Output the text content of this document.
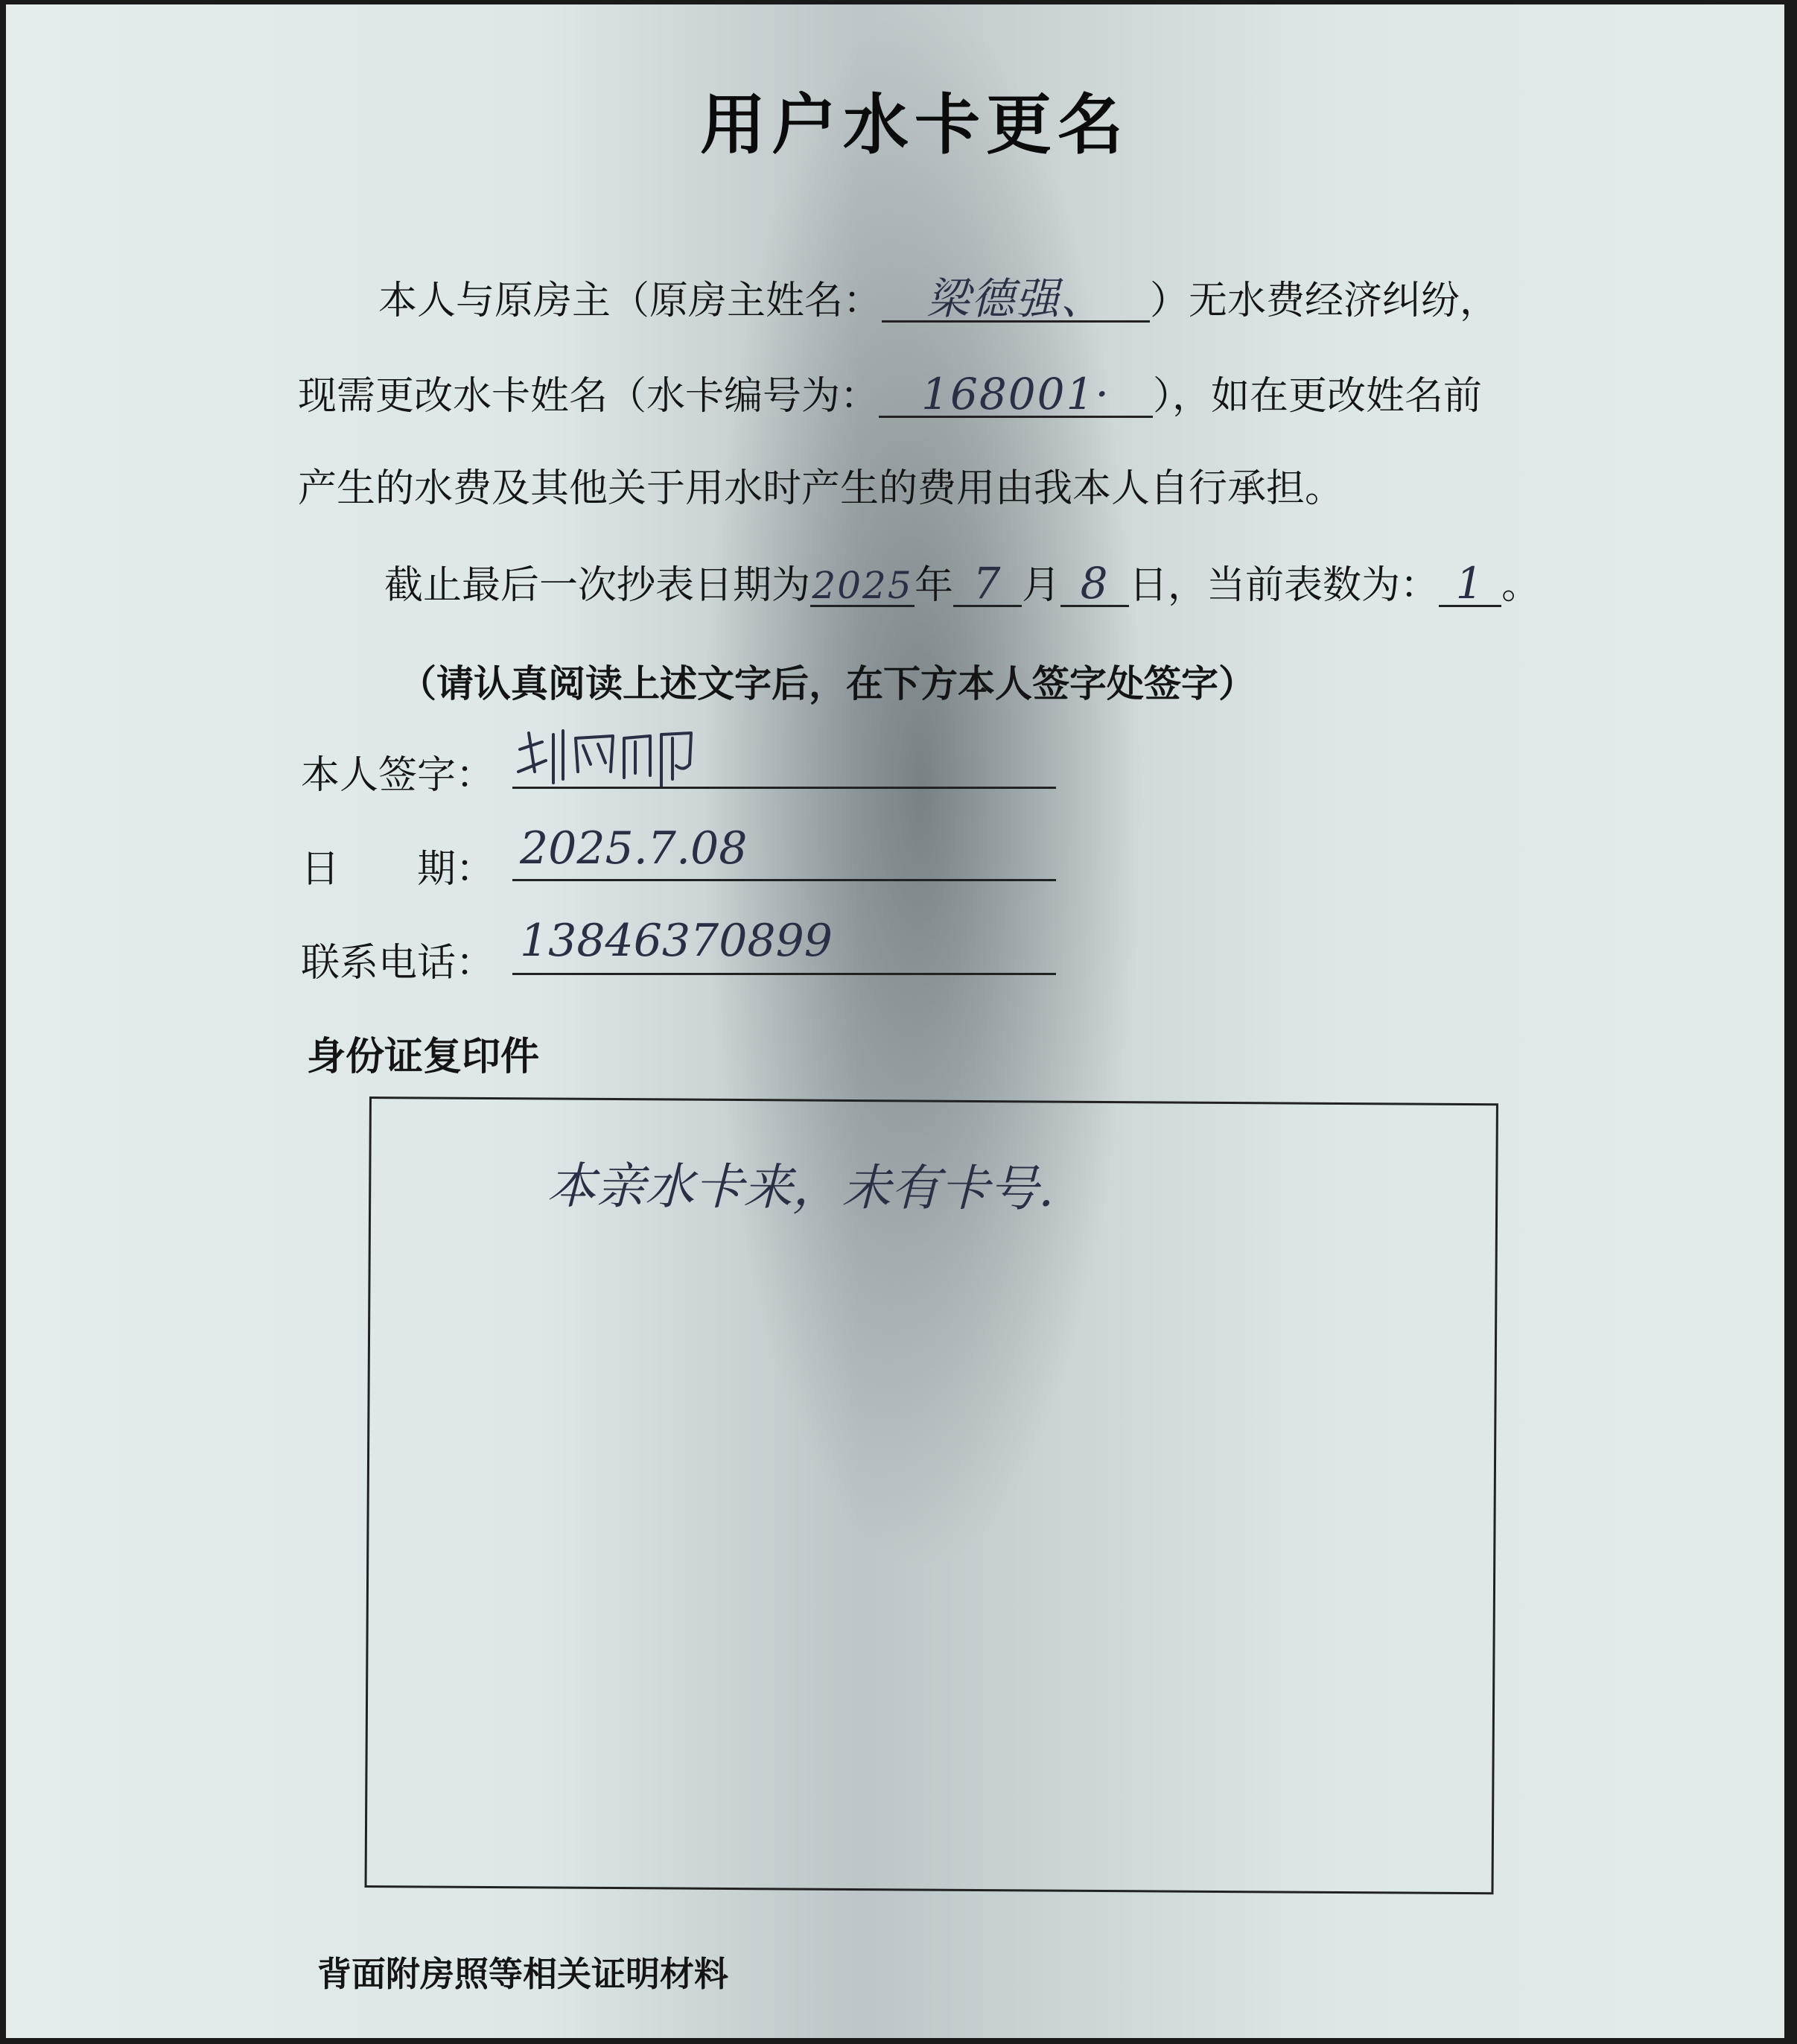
用户水卡更名
本人与原房主（原房主姓名： 梁德强、 ）无水费经济纠纷，
现需更改水卡姓名（水卡编号为： 168001· ），如在更改姓名前
产生的水费及其他关于用水时产生的费用由我本人自行承担。
截止最后一次抄表日期为2025年 7 月 8 日，当前表数为： 1 。
（请认真阅读上述文字后，在下方本人签字处签字）
本人签字：
日　　期： 2025.7.08
联系电话： 13846370899
身份证复印件
本亲水卡来，未有卡号.
背面附房照等相关证明材料
